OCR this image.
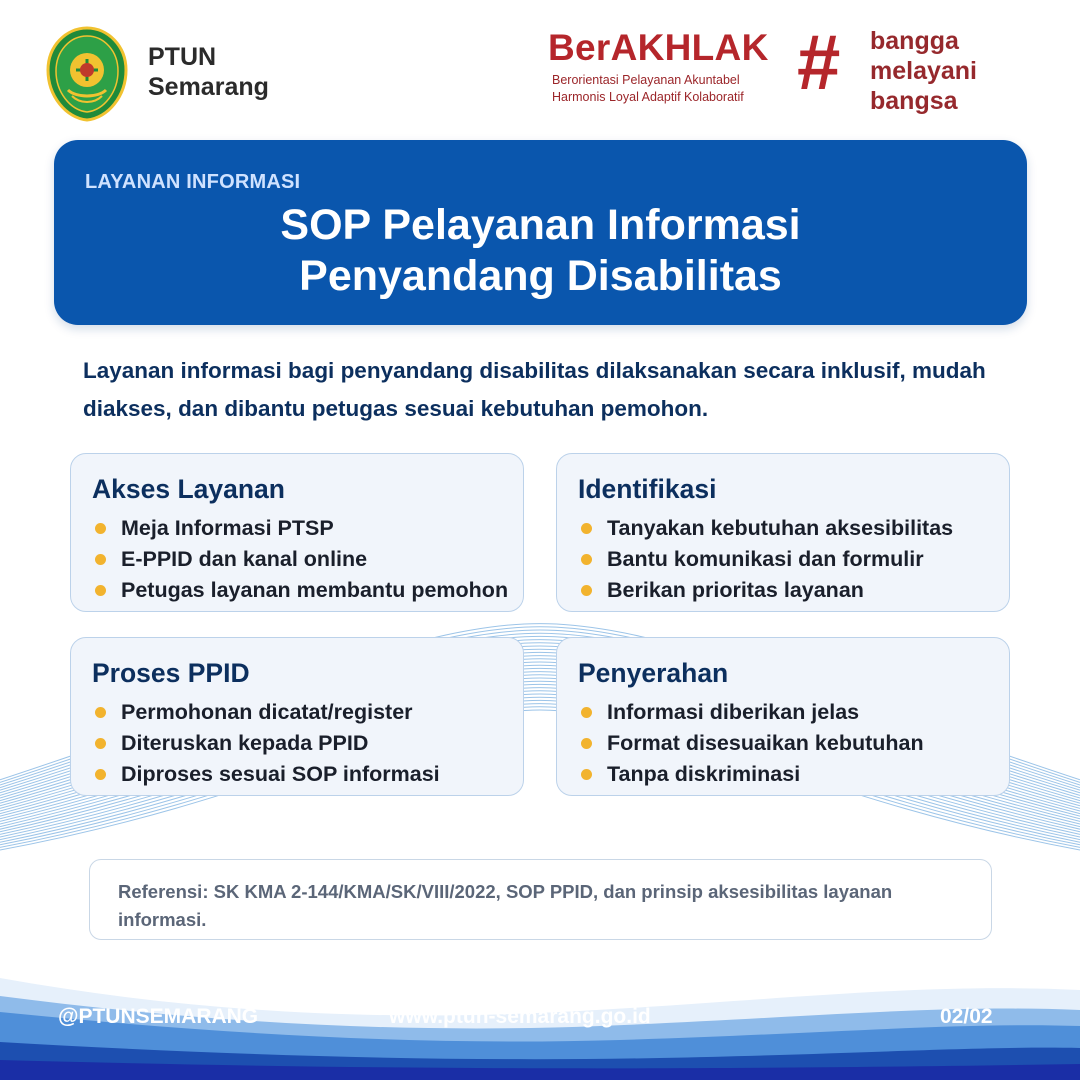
PTUN
Semarang
BerAKHLAK
Berorientasi Pelayanan Akuntabel
Harmonis Loyal Adaptif Kolaboratif # bangga
melayani
bangsa
LAYANAN INFORMASI
SOP Pelayanan Informasi
Penyandang Disabilitas

Layanan informasi bagi penyandang disabilitas dilaksanakan secara inklusif, mudah diakses, dan dibantu petugas sesuai kebutuhan pemohon.

Akses Layanan
Meja Informasi PTSP
E-PPID dan kanal online
Petugas layanan membantu pemohon
Identifikasi
Tanyakan kebutuhan aksesibilitas
Bantu komunikasi dan formulir
Berikan prioritas layanan
Proses PPID
Permohonan dicatat/register
Diteruskan kepada PPID
Diproses sesuai SOP informasi
Penyerahan
Informasi diberikan jelas
Format disesuaikan kebutuhan
Tanpa diskriminasi

Referensi: SK KMA 2-144/KMA/SK/VIII/2022, SOP PPID, dan prinsip aksesibilitas layanan informasi.

@PTUNSEMARANG	www.ptun-semarang.go.id	02/02
